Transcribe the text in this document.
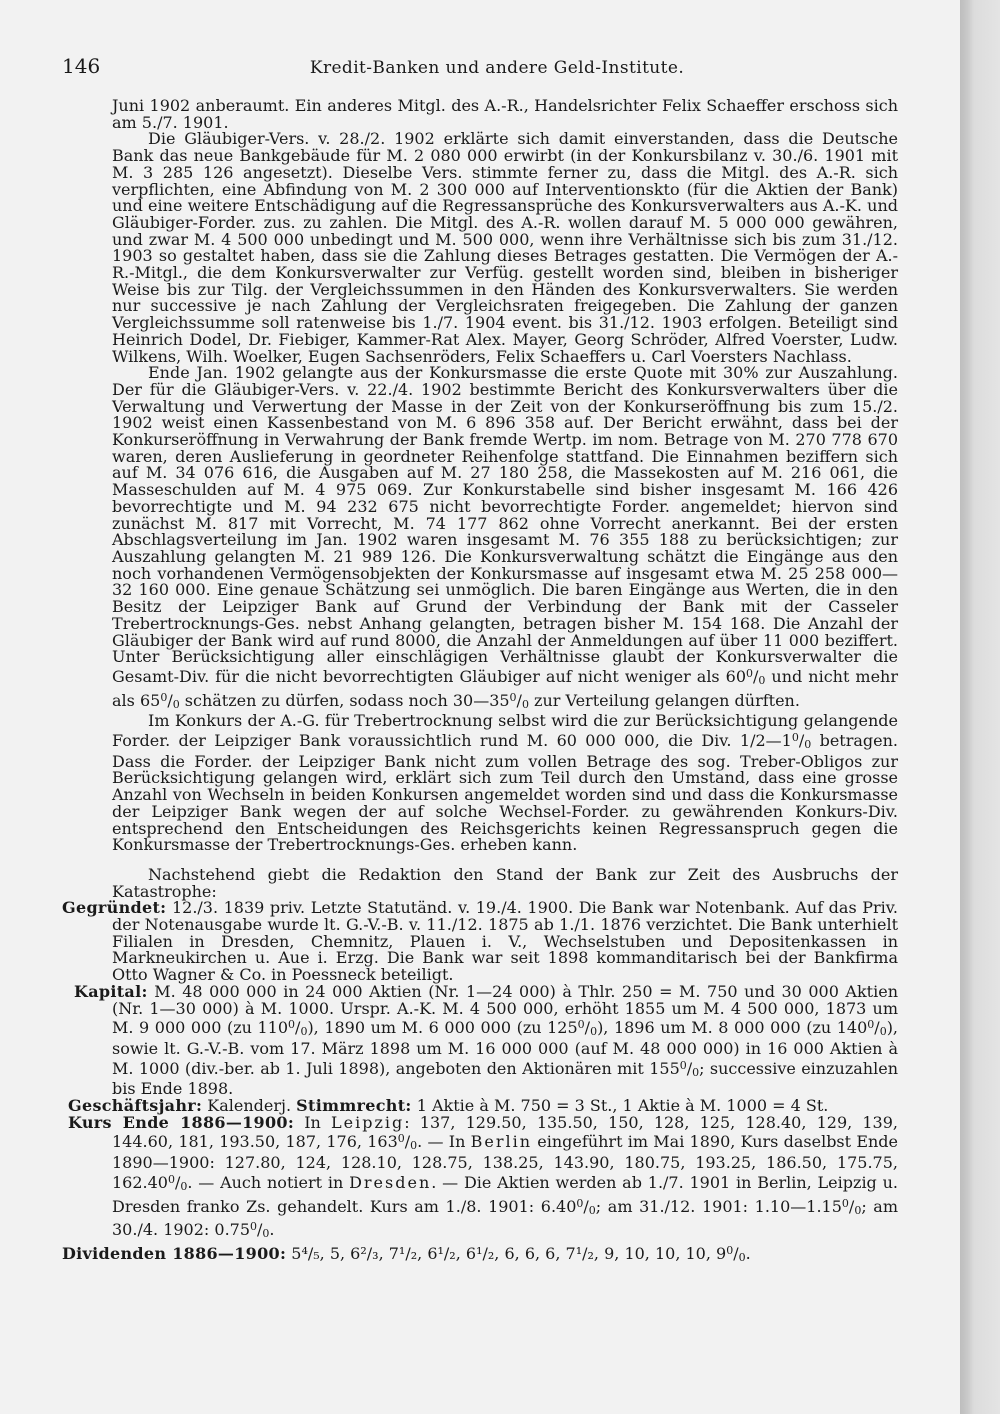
146	Kredit-Banken und andere Geld-Institute.

Juni 1902 anberaumt. Ein anderes Mitgl. des A.-R., Handelsrichter Felix Schaeffer erschoss sich am 5./7. 1901.

Die Gläubiger-Vers. v. 28./2. 1902 erklärte sich damit einverstanden, dass die Deutsche Bank das neue Bankgebäude für M. 2 080 000 erwirbt (in der Konkursbilanz v. 30./6. 1901 mit M. 3 285 126 angesetzt). Dieselbe Vers. stimmte ferner zu, dass die Mitgl. des A.-R. sich verpflichten, eine Abfindung von M. 2 300 000 auf Interventionskto (für die Aktien der Bank) und eine weitere Entschädigung auf die Regressansprüche des Konkursverwalters aus A.-K. und Gläubiger-Forder. zus. zu zahlen. Die Mitgl. des A.-R. wollen darauf M. 5 000 000 gewähren, und zwar M. 4 500 000 unbedingt und M. 500 000, wenn ihre Verhältnisse sich bis zum 31./12. 1903 so gestaltet haben, dass sie die Zahlung dieses Betrages gestatten. Die Vermögen der A.-R.-Mitgl., die dem Konkursverwalter zur Verfüg. gestellt worden sind, bleiben in bisheriger Weise bis zur Tilg. der Vergleichssummen in den Händen des Konkursverwalters. Sie werden nur successive je nach Zahlung der Vergleichsraten freigegeben. Die Zahlung der ganzen Vergleichssumme soll ratenweise bis 1./7. 1904 event. bis 31./12. 1903 erfolgen. Beteiligt sind Heinrich Dodel, Dr. Fiebiger, Kammer-Rat Alex. Mayer, Georg Schröder, Alfred Voerster, Ludw. Wilkens, Wilh. Woelker, Eugen Sachsenröders, Felix Schaeffers u. Carl Voersters Nachlass.

Ende Jan. 1902 gelangte aus der Konkursmasse die erste Quote mit 30% zur Auszahlung. Der für die Gläubiger-Vers. v. 22./4. 1902 bestimmte Bericht des Konkursverwalters über die Verwaltung und Verwertung der Masse in der Zeit von der Konkurseröffnung bis zum 15./2. 1902 weist einen Kassenbestand von M. 6 896 358 auf. Der Bericht erwähnt, dass bei der Konkurseröffnung in Verwahrung der Bank fremde Wertp. im nom. Betrage von M. 270 778 670 waren, deren Auslieferung in geordneter Reihenfolge stattfand. Die Einnahmen beziffern sich auf M. 34 076 616, die Ausgaben auf M. 27 180 258, die Massekosten auf M. 216 061, die Masseschulden auf M. 4 975 069. Zur Konkurstabelle sind bisher insgesamt M. 166 426 bevorrechtigte und M. 94 232 675 nicht bevorrechtigte Forder. angemeldet; hiervon sind zunächst M. 817 mit Vorrecht, M. 74 177 862 ohne Vorrecht anerkannt. Bei der ersten Abschlagsverteilung im Jan. 1902 waren insgesamt M. 76 355 188 zu berücksichtigen; zur Auszahlung gelangten M. 21 989 126. Die Konkursverwaltung schätzt die Eingänge aus den noch vorhandenen Vermögensobjekten der Konkursmasse auf insgesamt etwa M. 25 258 000—32 160 000. Eine genaue Schätzung sei unmöglich. Die baren Eingänge aus Werten, die in den Besitz der Leipziger Bank auf Grund der Verbindung der Bank mit der Casseler Trebertrocknungs-Ges. nebst Anhang gelangten, betragen bisher M. 154 168. Die Anzahl der Gläubiger der Bank wird auf rund 8000, die Anzahl der Anmeldungen auf über 11 000 beziffert. Unter Berücksichtigung aller einschlägigen Verhältnisse glaubt der Konkursverwalter die Gesamt-Div. für die nicht bevorrechtigten Gläubiger auf nicht weniger als $60^0/0$ und nicht mehr als $65^0/0$ schätzen zu dürfen, sodass noch $30—35^0/0$ zur Verteilung gelangen dürften.

Im Konkurs der A.-G. für Trebertrocknung selbst wird die zur Berücksichtigung gelangende Forder. der Leipziger Bank voraussichtlich rund M. 60 000 000, die Div. $1/2—1^0/0$ betragen. Dass die Forder. der Leipziger Bank nicht zum vollen Betrage des sog. Treber-Obligos zur Berücksichtigung gelangen wird, erklärt sich zum Teil durch den Umstand, dass eine grosse Anzahl von Wechseln in beiden Konkursen angemeldet worden sind und dass die Konkursmasse der Leipziger Bank wegen der auf solche Wechsel-Forder. zu gewährenden Konkurs-Div. entsprechend den Entscheidungen des Reichsgerichts keinen Regressanspruch gegen die Konkursmasse der Trebertrocknungs-Ges. erheben kann.

Nachstehend giebt die Redaktion den Stand der Bank zur Zeit des Ausbruchs der Katastrophe:

Gegründet: 12./3. 1839 priv. Letzte Statutänd. v. 19./4. 1900. Die Bank war Notenbank. Auf das Priv. der Notenausgabe wurde lt. G.-V.-B. v. 11./12. 1875 ab 1./1. 1876 verzichtet. Die Bank unterhielt Filialen in Dresden, Chemnitz, Plauen i. V., Wechselstuben und Depositenkassen in Markneukirchen u. Aue i. Erzg. Die Bank war seit 1898 kommanditarisch bei der Bankfirma Otto Wagner & Co. in Poessneck beteiligt.

Kapital: M. 48 000 000 in 24 000 Aktien (Nr. 1—24 000) à Thlr. 250 = M. 750 und 30 000 Aktien (Nr. 1—30 000) à M. 1000. Urspr. A.-K. M. 4 500 000, erhöht 1855 um M. 4 500 000, 1873 um M. 9 000 000 (zu $110^0/0$), 1890 um M. 6 000 000 (zu $125^0/0$), 1896 um M. 8 000 000 (zu $140^0/0$), sowie lt. G.-V.-B. vom 17. März 1898 um M. 16 000 000 (auf M. 48 000 000) in 16 000 Aktien à M. 1000 (div.-ber. ab 1. Juli 1898), angeboten den Aktionären mit $155^0/0$; successive einzuzahlen bis Ende 1898.

Geschäftsjahr: Kalenderj. Stimmrecht: 1 Aktie à M. 750 = 3 St., 1 Aktie à M. 1000 = 4 St.

Kurs Ende 1886—1900: In Leipzig: 137, 129.50, 135.50, 150, 128, 125, 128.40, 129, 139, 144.60, 181, 193.50, 187, 176, $163^0/0$. — In Berlin eingeführt im Mai 1890, Kurs daselbst Ende 1890—1900: 127.80, 124, 128.10, 128.75, 138.25, 143.90, 180.75, 193.25, 186.50, 175.75, 162.40$^0$/0. — Auch notiert in Dresden. — Die Aktien werden ab 1./7. 1901 in Berlin, Leipzig u. Dresden franko Zs. gehandelt. Kurs am 1./8. 1901: 6.40$^0$/0; am 31./12. 1901: 1.10—1.15$^0$/0; am 30./4. 1902: 0.75$^0$/0.

Dividenden 1886—1900: 5⁴/₅, 5, 6²/₃, 7¹/₂, 6¹/₂, 6¹/₂, 6, 6, 6, 7¹/₂, 9, 10, 10, 10, $9^0/0$.
